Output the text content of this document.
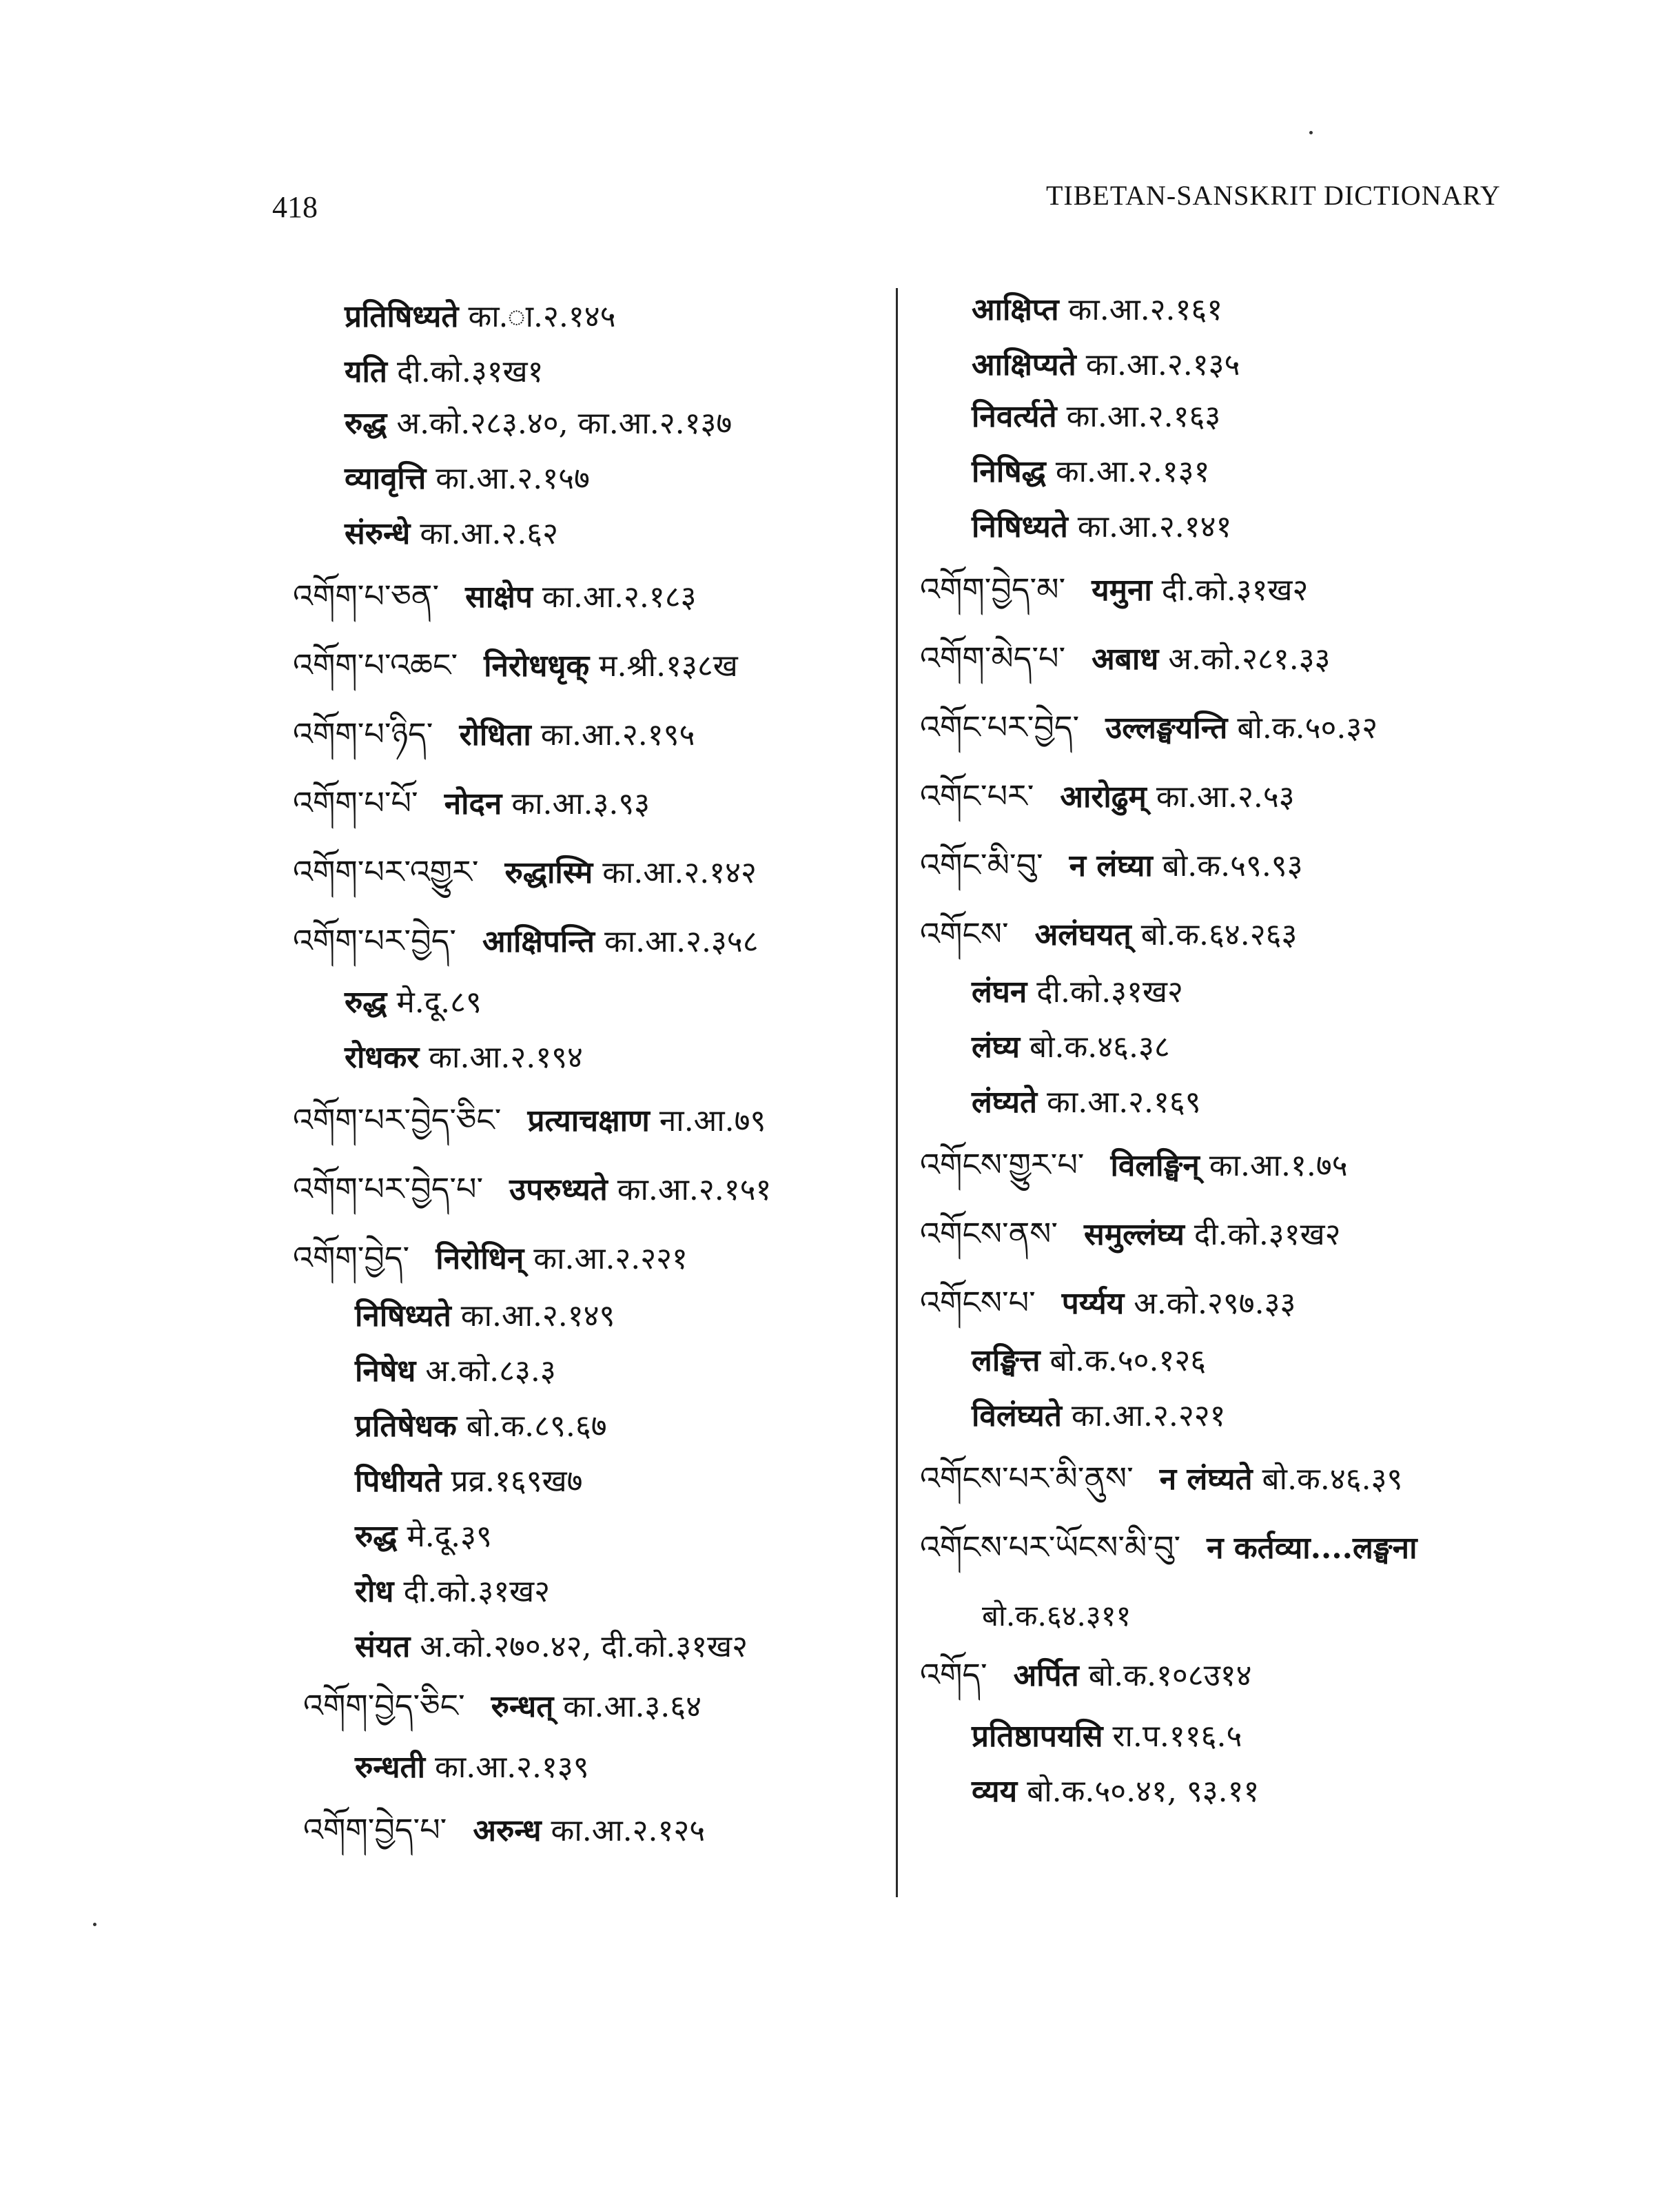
418	TIBETAN-SANSKRIT DICTIONARY
प्रतिषिध्यते का.ा.२.१४५
यति दी.को.३१ख१
रुद्ध अ.को.२८३.४०, का.आ.२.१३७
व्यावृत्ति का.आ.२.१५७
संरुन्धे का.आ.२.६२
འགོག་པ་ཅན་ साक्षेप का.आ.२.१८३
འགོག་པ་འཆང་ निरोधधृक् म.श्री.१३८ख
འགོག་པ་ཉིད་ रोधिता का.आ.२.१९५
འགོག་པ་པོ་ नोदन का.आ.३.९३
འགོག་པར་འགྱུར་ रुद्धास्मि का.आ.२.१४२
འགོག་པར་བྱེད་ आक्षिपन्ति का.आ.२.३५८
रुद्ध मे.दू.८९
रोधकर का.आ.२.१९४
འགོག་པར་བྱེད་ཅིང་ प्रत्याचक्षाण ना.आ.७९
འགོག་པར་བྱེད་པ་ उपरुध्यते का.आ.२.१५१
འགོག་བྱེད་ निरोधिन् का.आ.२.२२१
निषिध्यते का.आ.२.१४९
निषेध अ.को.८३.३
प्रतिषेधक बो.क.८९.६७
पिधीयते प्रव्र.१६९ख७
रुद्ध मे.दू.३९
रोध दी.को.३१ख२
संयत अ.को.२७०.४२, दी.को.३१ख२
འགོག་བྱེད་ཅིང་ रुन्धत् का.आ.३.६४
रुन्धती का.आ.२.१३९
འགོག་བྱེད་པ་ अरुन्ध का.आ.२.१२५
आक्षिप्त का.आ.२.१६१
आक्षिप्यते का.आ.२.१३५
निवर्त्यते का.आ.२.१६३
निषिद्ध का.आ.२.१३१
निषिध्यते का.आ.२.१४१
འགོག་བྱེད་མ་ यमुना दी.को.३१ख२
འགོག་མེད་པ་ अबाध अ.को.२८१.३३
འགོང་པར་བྱེད་ उल्लङ्घयन्ति बो.क.५०.३२
འགོང་པར་ आरोढुम् का.आ.२.५३
འགོང་མི་བུ་ न लंघ्या बो.क.५९.९३
འགོངས་ अलंघयत् बो.क.६४.२६३
लंघन दी.को.३१ख२
लंघ्य बो.क.४६.३८
लंघ्यते का.आ.२.१६९
འགོངས་གྱུར་པ་ विलङ्घिन् का.आ.१.७५
འགོངས་ནས་ समुल्लंघ्य दी.को.३१ख२
འགོངས་པ་ पर्य्यय अ.को.२९७.३३
लङ्घित्त बो.क.५०.१२६
विलंघ्यते का.आ.२.२२१
འགོངས་པར་མི་ནུས་ न लंघ्यते बो.क.४६.३९
འགོངས་པར་ཡོངས་མི་བུ་ न कर्तव्या....लङ्घना
बो.क.६४.३११
འགོད་ अर्पित बो.क.१०८उ१४
प्रतिष्ठापयसि रा.प.११६.५
व्यय बो.क.५०.४१, ९३.११
